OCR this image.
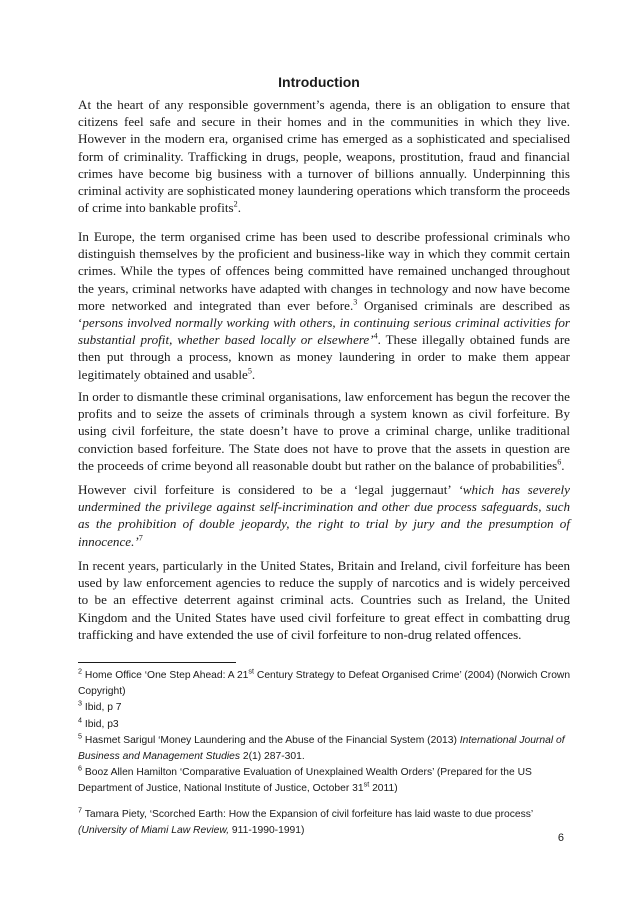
Introduction

At the heart of any responsible government’s agenda, there is an obligation to ensure that citizens feel safe and secure in their homes and in the communities in which they live. However in the modern era, organised crime has emerged as a sophisticated and specialised form of criminality. Trafficking in drugs, people, weapons, prostitution, fraud and financial crimes have become big business with a turnover of billions annually. Underpinning this criminal activity are sophisticated money laundering operations which transform the proceeds of crime into bankable profits$^2$.

In Europe, the term organised crime has been used to describe professional criminals who distinguish themselves by the proficient and business-like way in which they commit certain crimes. While the types of offences being committed have remained unchanged throughout the years, criminal networks have adapted with changes in technology and now have become more networked and integrated than ever before.$^3$ Organised criminals are described as ‘persons involved normally working with others, in continuing serious criminal activities for substantial profit, whether based locally or elsewhere’$^4$. These illegally obtained funds are then put through a process, known as money laundering in order to make them appear legitimately obtained and usable$^5$.

In order to dismantle these criminal organisations, law enforcement has begun the recover the profits and to seize the assets of criminals through a system known as civil forfeiture. By using civil forfeiture, the state doesn’t have to prove a criminal charge, unlike traditional conviction based forfeiture. The State does not have to prove that the assets in question are the proceeds of crime beyond all reasonable doubt but rather on the balance of probabilities$^6$.

However civil forfeiture is considered to be a ‘legal juggernaut’ ‘which has severely undermined the privilege against self-incrimination and other due process safeguards, such as the prohibition of double jeopardy, the right to trial by jury and the presumption of innocence.’$^7$

In recent years, particularly in the United States, Britain and Ireland, civil forfeiture has been used by law enforcement agencies to reduce the supply of narcotics and is widely perceived to be an effective deterrent against criminal acts. Countries such as Ireland, the United Kingdom and the United States have used civil forfeiture to great effect in combatting drug trafficking and have extended the use of civil forfeiture to non-drug related offences.

$^2$ Home Office ‘One Step Ahead: A 21st Century Strategy to Defeat Organised Crime’ (2004) (Norwich Crown Copyright)

$^3$ Ibid, p 7

$^4$ Ibid, p3

$^5$ Hasmet Sarigul ‘Money Laundering and the Abuse of the Financial System (2013) International Journal of Business and Management Studies 2(1) 287-301.

$^6$ Booz Allen Hamilton ‘Comparative Evaluation of Unexplained Wealth Orders’ (Prepared for the US Department of Justice, National Institute of Justice, October 31st 2011)

$^7$ Tamara Piety, ‘Scorched Earth: How the Expansion of civil forfeiture has laid waste to due process’ (University of Miami Law Review, 911-1990-1991)

6
